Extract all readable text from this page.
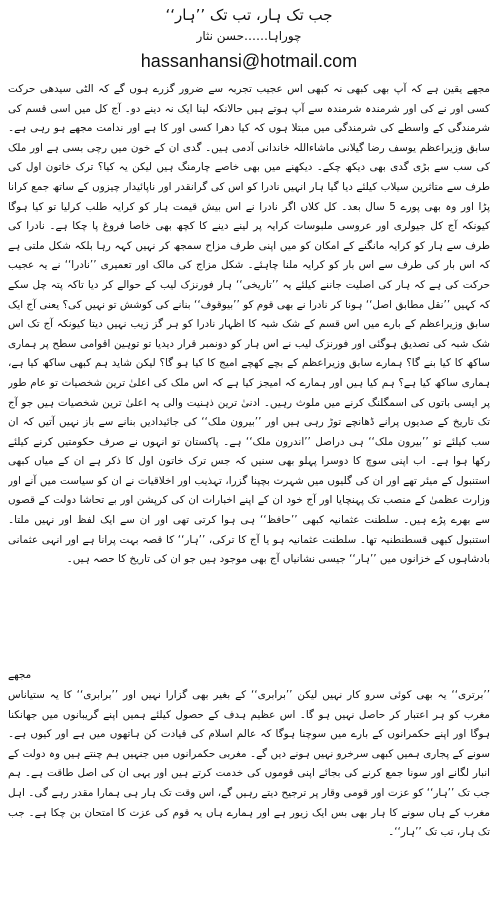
جب تک ہار، تب تک ’’ہار‘‘
چوراہا……حسن نثار
hassanhansi@hotmail.com

مجھے یقین ہے کہ آپ بھی کبھی نہ کبھی اس عجیب تجربہ سے ضرور گزرے ہوں گے کہ الٹی سیدھی حرکت کسی اور نے کی اور شرمندہ شرمندہ سے آپ ہوتے ہیں حالانکہ لینا ایک نہ دینے دو۔ آج کل میں اسی قسم کی شرمندگی کے واسطے کی شرمندگی میں مبتلا ہوں کہ کیا دھرا کسی اور کا ہے اور ندامت مجھے ہو رہی ہے۔ سابق وزیراعظم یوسف رضا گیلانی ماشاءاللہ خاندانی آدمی ہیں۔ گدی ان کے خون میں رچی بسی ہے اور ملک کی سب سے بڑی گدی بھی دیکھ چکے۔ دیکھنے میں بھی خاصے چارمنگ ہیں لیکن یہ کیا؟ ترک خاتون اول کی طرف سے متاثرین سیلاب کیلئے دیا گیا ہار انہیں نادرا کو اس کی گرانقدر اور ناپائیدار چیزوں کے ساتھ جمع کرانا پڑا اور وہ بھی پورے 5 سال بعد۔ کل کلاں اگر نادرا نے اس بیش قیمت ہار کو کرایہ طلب کرلیا تو کیا ہوگا کیونکہ آج کل جیولری اور عروسی ملبوسات کرایہ پر لینے دینے کا کچھ بھی خاصا فروغ پا چکا ہے۔ نادرا کی طرف سے ہار کو کرایہ مانگنے کے امکان کو میں اپنی طرف مزاح سمجھ کر نہیں کہہ رہا بلکہ شکل ملتی ہے کہ اس بار کی طرف سے اس بار کو کرایہ ملنا چاہئے۔ شکل مزاج کی مالک اور تعمیری ’’نادرا‘‘ نے یہ عجیب حرکت کی ہے کہ ہار کی اصلیت جاننے کیلئے یہ ’’تاریخی‘‘ ہار فورنزک لیب کے حوالے کر دیا تاکہ پتہ چل سکے کہ کہیں ’’نقل مطابق اصل‘‘ ہونا کر نادرا نے بھی قوم کو ’’بیوقوف‘‘ بنانے کی کوشش تو نہیں کی؟ یعنی آج ایک سابق وزیراعظم کے بارے میں اس قسم کے شک شبہ کا اظہار نادرا کو ہر گز زیب نہیں دیتا کیونکہ آج تک اس شک شبہ کی تصدیق ہوگئی اور فورنزک لیب نے اس ہار کو دونمبر قرار دیدیا تو توہین اقوامی سطح پر ہماری ساکھ کا کیا بنے گا؟ ہمارے سابق وزیراعظم کے بچے کھچے امیج کا کیا ہو گا؟ لیکن شاید ہم کبھی ساکھ کیا ہے، ہماری ساکھ کیا ہے؟ ہم کیا ہیں اور ہمارے کہ امیجز کیا ہے کہ اس ملک کی اعلیٰ ترین شخصیات تو عام طور پر ایسی باتوں کی اسمگلنگ کرنے میں ملوث رہیں۔ ادنیٰ ترین ذہنیت والی یہ اعلیٰ ترین شخصیات ہیں جو آج تک تاریخ کے صدیوں پرانے ڈھانچے توڑ رہی ہیں اور ’’بیرون ملک‘‘ کی جائیدادیں بنانے سے باز نہیں آتیں کہ ان سب کیلئے تو ’’بیرون ملک‘‘ ہی دراصل ’’اندرون ملک‘‘ ہے۔ پاکستان تو انہوں نے صرف حکومتیں کرنے کیلئے رکھا ہوا ہے۔ اب اپنی سوچ کا دوسرا پہلو بھی سنیں کہ جس ترک خاتون اول کا ذکر ہے ان کے میاں کبھی استنبول کے میئر تھے اور ان کی گلیوں میں شہرت بچپنا گزرا، تہذیب اور اخلاقیات نے ان کو سیاست میں آنے اور وزارت عظمیٰ کے منصب تک پہنچایا اور آج خود ان کے اپنے اخبارات ان کی کرپشن اور بے تحاشا دولت کے قصوں سے بھرے پڑے ہیں۔ سلطنت عثمانیہ کبھی ’’حافظ‘‘ ہی ہوا کرتی تھی اور ان سے ایک لفظ اور نہیں ملتا۔ استنبول کبھی قسطنطنیہ تھا۔ سلطنت عثمانیہ ہو یا آج کا ترکی، ’’ہار‘‘ کا قصہ بہت پرانا ہے اور انہی عثمانی بادشاہوں کے خزانوں میں ’’ہار‘‘ جیسی نشانیاں آج بھی موجود ہیں جو ان کی تاریخ کا حصہ ہیں۔

مجھے

’’برتری‘‘ یہ بھی کوئی سرو کار نہیں لیکن ’’برابری‘‘ کے بغیر بھی گزارا نہیں اور ’’برابری‘‘ کا یہ ستیاناس مغرب کو ہر اعتبار کر حاصل نہیں ہو گا۔ اس عظیم ہدف کے حصول کیلئے ہمیں اپنے گریبانوں میں جھانکنا ہوگا اور اپنے حکمرانوں کے بارے میں سوچنا ہوگا کہ عالم اسلام کی قیادت کن ہاتھوں میں ہے اور کیوں ہے۔ سونے کے پجاری ہمیں کبھی سرخرو نہیں ہونے دیں گے۔ مغربی حکمرانوں میں جنہیں ہم چنتے ہیں وہ دولت کے انبار لگانے اور سونا جمع کرنے کی بجائے اپنی قوموں کی خدمت کرتے ہیں اور یہی ان کی اصل طاقت ہے۔ ہم جب تک ’’ہار‘‘ کو عزت اور قومی وقار پر ترجیح دیتے رہیں گے، اس وقت تک ہار ہی ہمارا مقدر رہے گی۔ اہل مغرب کے ہاں سونے کا ہار بھی بس ایک زیور ہے اور ہمارے ہاں یہ قوم کی عزت کا امتحان بن چکا ہے۔ جب تک ہار، تب تک ’’ہار‘‘۔
